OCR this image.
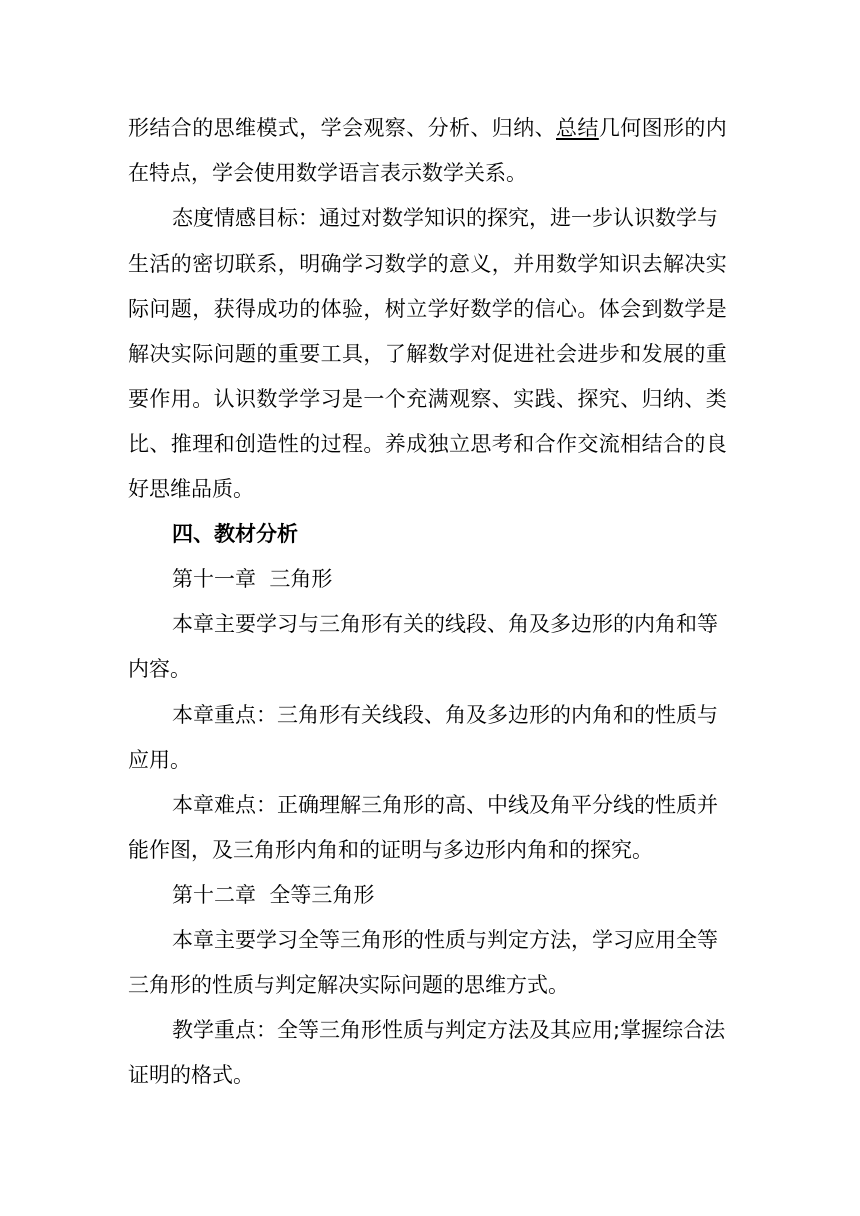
形结合的思维模式，学会观察、分析、归纳、总结几何图形的内
在特点，学会使用数学语言表示数学关系。
态度情感目标：通过对数学知识的探究，进一步认识数学与
生活的密切联系，明确学习数学的意义，并用数学知识去解决实
际问题，获得成功的体验，树立学好数学的信心。体会到数学是
解决实际问题的重要工具，了解数学对促进社会进步和发展的重
要作用。认识数学学习是一个充满观察、实践、探究、归纳、类
比、推理和创造性的过程。养成独立思考和合作交流相结合的良
好思维品质。
四、教材分析
第十一章  三角形
本章主要学习与三角形有关的线段、角及多边形的内角和等
内容。
本章重点：三角形有关线段、角及多边形的内角和的性质与
应用。
本章难点：正确理解三角形的高、中线及角平分线的性质并
能作图，及三角形内角和的证明与多边形内角和的探究。
第十二章  全等三角形
本章主要学习全等三角形的性质与判定方法，学习应用全等
三角形的性质与判定解决实际问题的思维方式。
教学重点：全等三角形性质与判定方法及其应用;掌握综合法
证明的格式。
